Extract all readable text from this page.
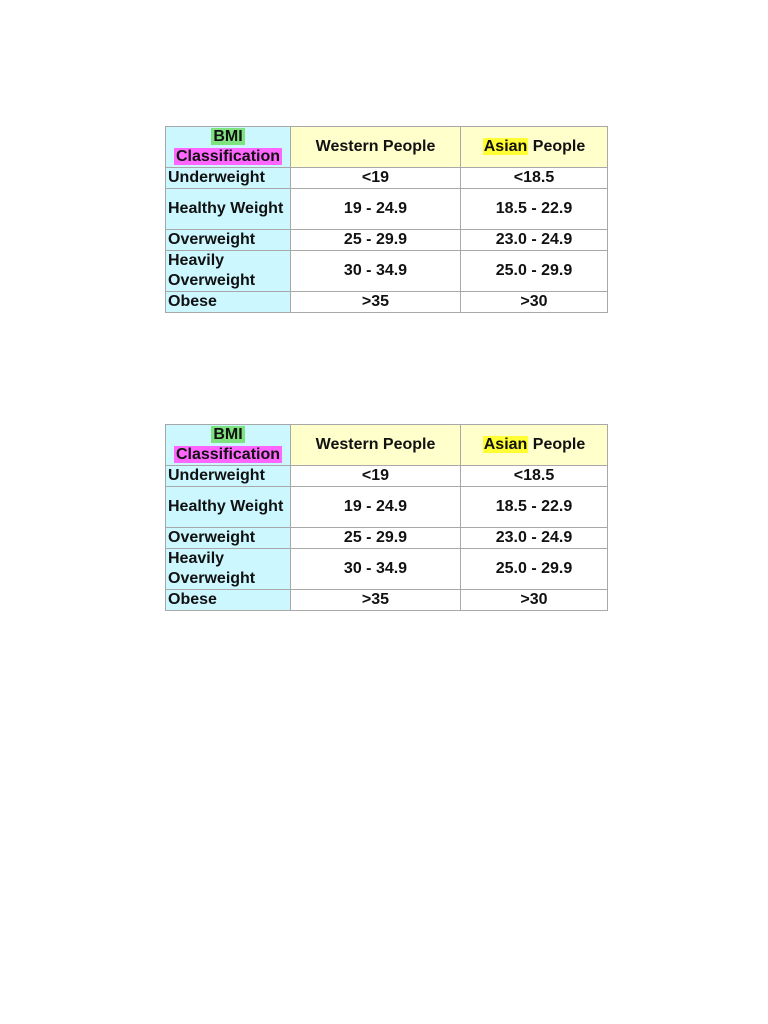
BMI
Classification	Western People	Asian People
Underweight	<19	<18.5
Healthy Weight	19 - 24.9	18.5 - 22.9
Overweight	25 - 29.9	23.0 - 24.9
Heavily Overweight	30 - 34.9	25.0 - 29.9
Obese	>35	>30
BMI
Classification	Western People	Asian People
Underweight	<19	<18.5
Healthy Weight	19 - 24.9	18.5 - 22.9
Overweight	25 - 29.9	23.0 - 24.9
Heavily Overweight	30 - 34.9	25.0 - 29.9
Obese	>35	>30
